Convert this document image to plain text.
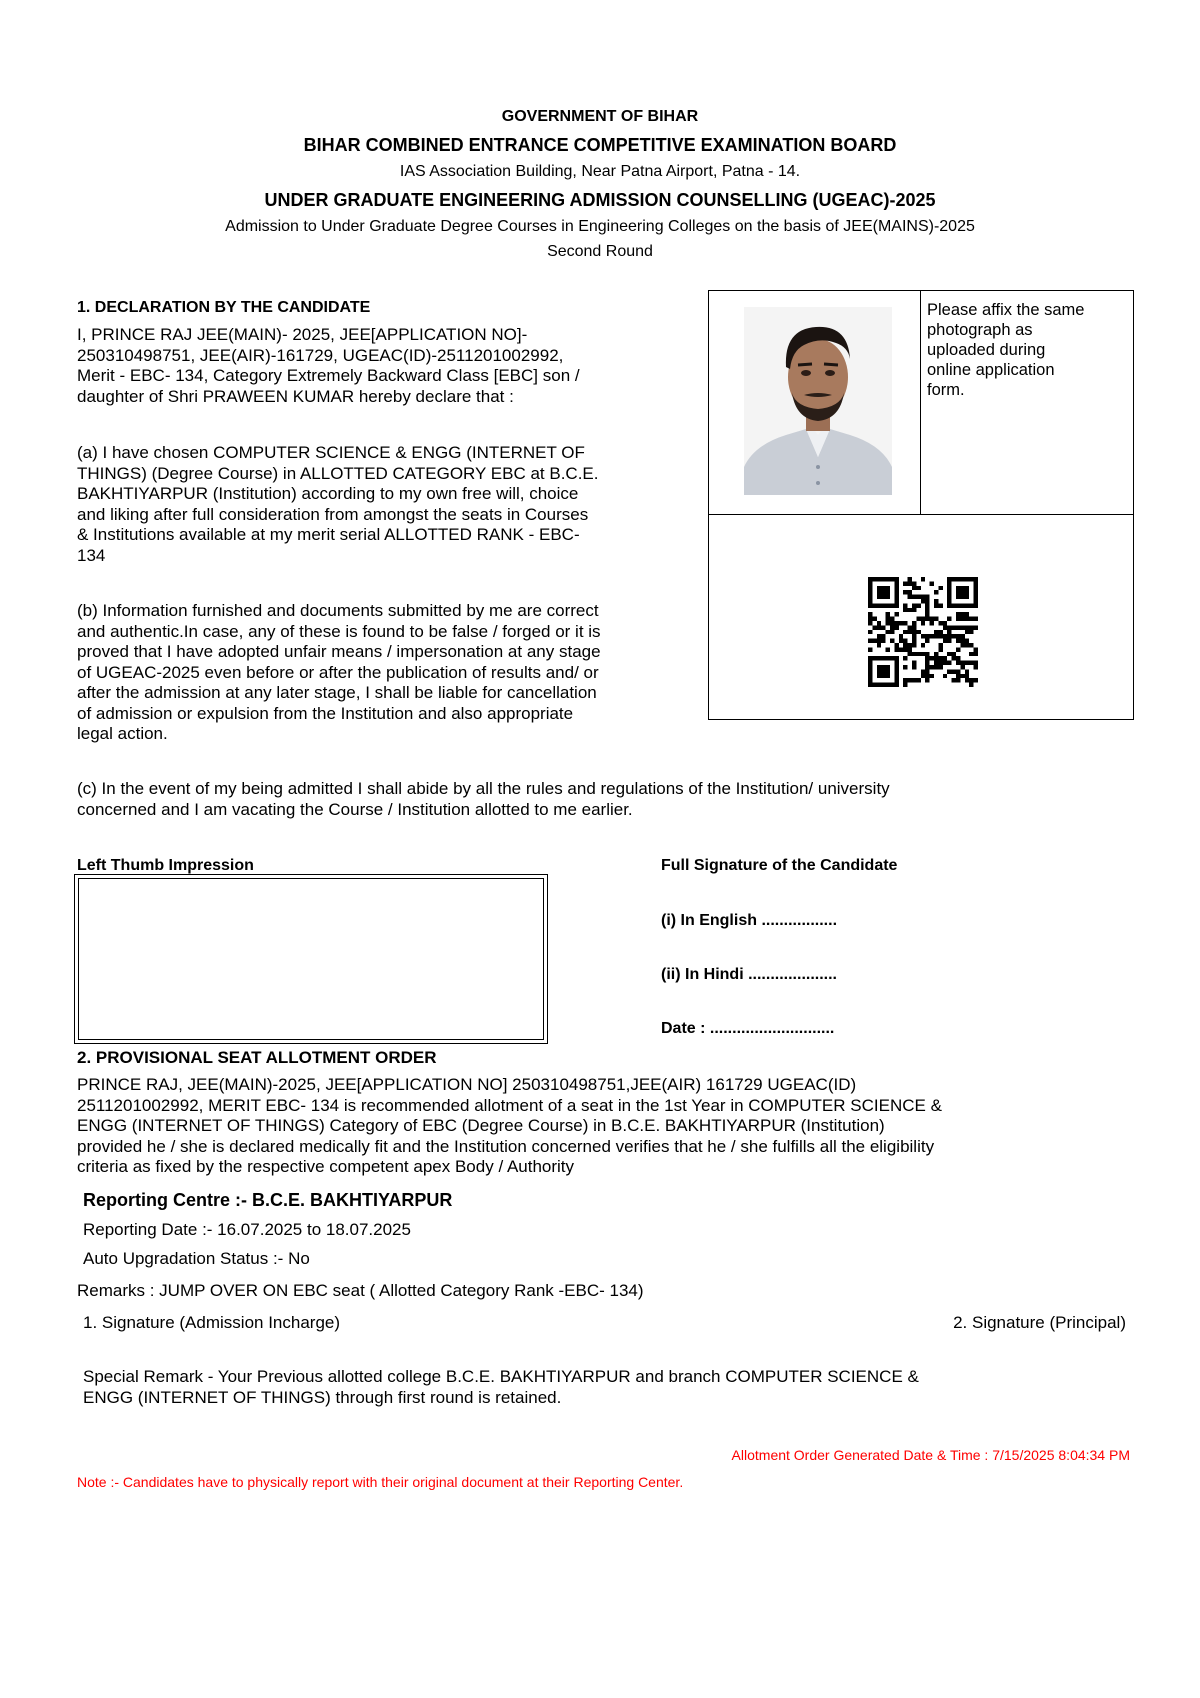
GOVERNMENT OF BIHAR
BIHAR COMBINED ENTRANCE COMPETITIVE EXAMINATION BOARD
IAS Association Building, Near Patna Airport, Patna - 14.
UNDER GRADUATE ENGINEERING ADMISSION COUNSELLING (UGEAC)-2025
Admission to Under Graduate Degree Courses in Engineering Colleges on the basis of JEE(MAINS)-2025
Second Round
1. DECLARATION BY THE CANDIDATE
I, PRINCE RAJ JEE(MAIN)- 2025, JEE[APPLICATION NO]-
250310498751, JEE(AIR)-161729, UGEAC(ID)-2511201002992,
Merit - EBC- 134, Category Extremely Backward Class [EBC] son /
daughter of Shri PRAWEEN KUMAR hereby declare that :
(a) I have chosen COMPUTER SCIENCE & ENGG (INTERNET OF
THINGS) (Degree Course) in ALLOTTED CATEGORY EBC at B.C.E.
BAKHTIYARPUR (Institution) according to my own free will, choice
and liking after full consideration from amongst the seats in Courses
& Institutions available at my merit serial ALLOTTED RANK - EBC-
134
(b) Information furnished and documents submitted by me are correct
and authentic.In case, any of these is found to be false / forged or it is
proved that I have adopted unfair means / impersonation at any stage
of UGEAC-2025 even before or after the publication of results and/ or
after the admission at any later stage, I shall be liable for cancellation
of admission or expulsion from the Institution and also appropriate
legal action.
(c) In the event of my being admitted I shall abide by all the rules and regulations of the Institution/ university
concerned and I am vacating the Course / Institution allotted to me earlier.
Please affix the same
photograph as
uploaded during
online application
form.
Left Thumb Impression	Full Signature of the Candidate
(i) In English .................
(ii) In Hindi ....................
Date : ............................
2. PROVISIONAL SEAT ALLOTMENT ORDER
PRINCE RAJ, JEE(MAIN)-2025, JEE[APPLICATION NO] 250310498751,JEE(AIR) 161729 UGEAC(ID)
2511201002992, MERIT EBC- 134 is recommended allotment of a seat in the 1st Year in COMPUTER SCIENCE &
ENGG (INTERNET OF THINGS) Category of EBC (Degree Course) in B.C.E. BAKHTIYARPUR (Institution)
provided he / she is declared medically fit and the Institution concerned verifies that he / she fulfills all the eligibility
criteria as fixed by the respective competent apex Body / Authority
Reporting Centre :- B.C.E. BAKHTIYARPUR
Reporting Date :- 16.07.2025 to 18.07.2025
Auto Upgradation Status :- No
Remarks : JUMP OVER ON EBC seat ( Allotted Category Rank -EBC- 134)
1. Signature (Admission Incharge)	2. Signature (Principal)
Special Remark - Your Previous allotted college B.C.E. BAKHTIYARPUR and branch COMPUTER SCIENCE &
ENGG (INTERNET OF THINGS) through first round is retained.
Allotment Order Generated Date & Time : 7/15/2025 8:04:34 PM
Note :- Candidates have to physically report with their original document at their Reporting Center.
